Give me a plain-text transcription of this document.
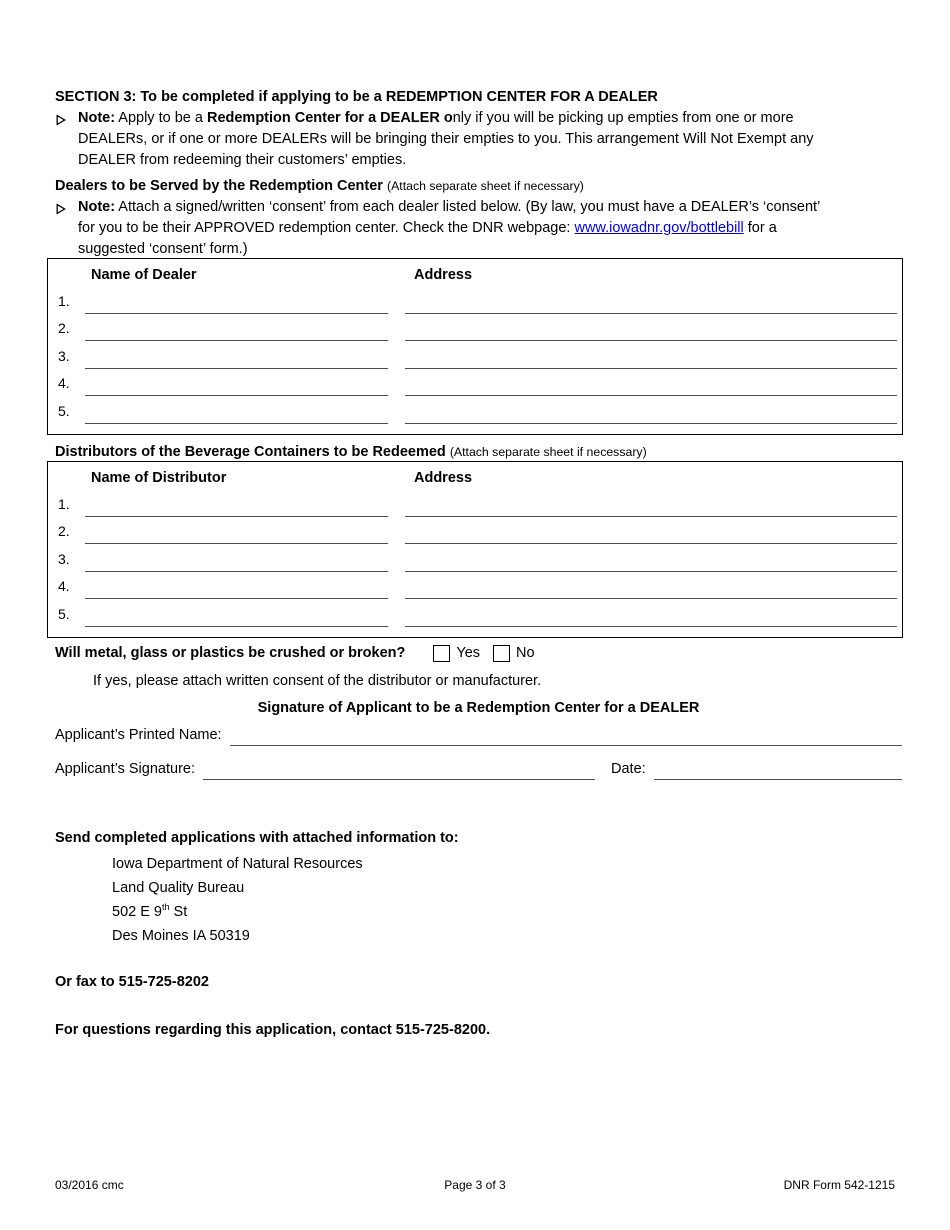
SECTION 3: To be completed if applying to be a REDEMPTION CENTER FOR A DEALER
Note: Apply to be a Redemption Center for a DEALER only if you will be picking up empties from one or more
DEALERs, or if one or more DEALERs will be bringing their empties to you. This arrangement Will Not Exempt any
DEALER from redeeming their customers’ empties.
Dealers to be Served by the Redemption Center (Attach separate sheet if necessary)
Note: Attach a signed/written ‘consent’ from each dealer listed below. (By law, you must have a DEALER’s ‘consent’
for you to be their APPROVED redemption center. Check the DNR webpage: www.iowadnr.gov/bottlebill for a
suggested ‘consent’ form.)
Name of Dealer	Address
1.
2.
3.
4.
5.
Distributors of the Beverage Containers to be Redeemed (Attach separate sheet if necessary)
Name of Distributor	Address
1.
2.
3.
4.
5.
Will metal, glass or plastics be crushed or broken?	Yes No
If yes, please attach written consent of the distributor or manufacturer.
Signature of Applicant to be a Redemption Center for a DEALER
Applicant’s Printed Name:
Applicant’s Signature:	Date:
Send completed applications with attached information to:
Iowa Department of Natural Resources
Land Quality Bureau
502 E 9th St
Des Moines IA 50319
Or fax to 515-725-8202
For questions regarding this application, contact 515-725-8200.
03/2016 cmc	Page 3 of 3	DNR Form 542-1215
